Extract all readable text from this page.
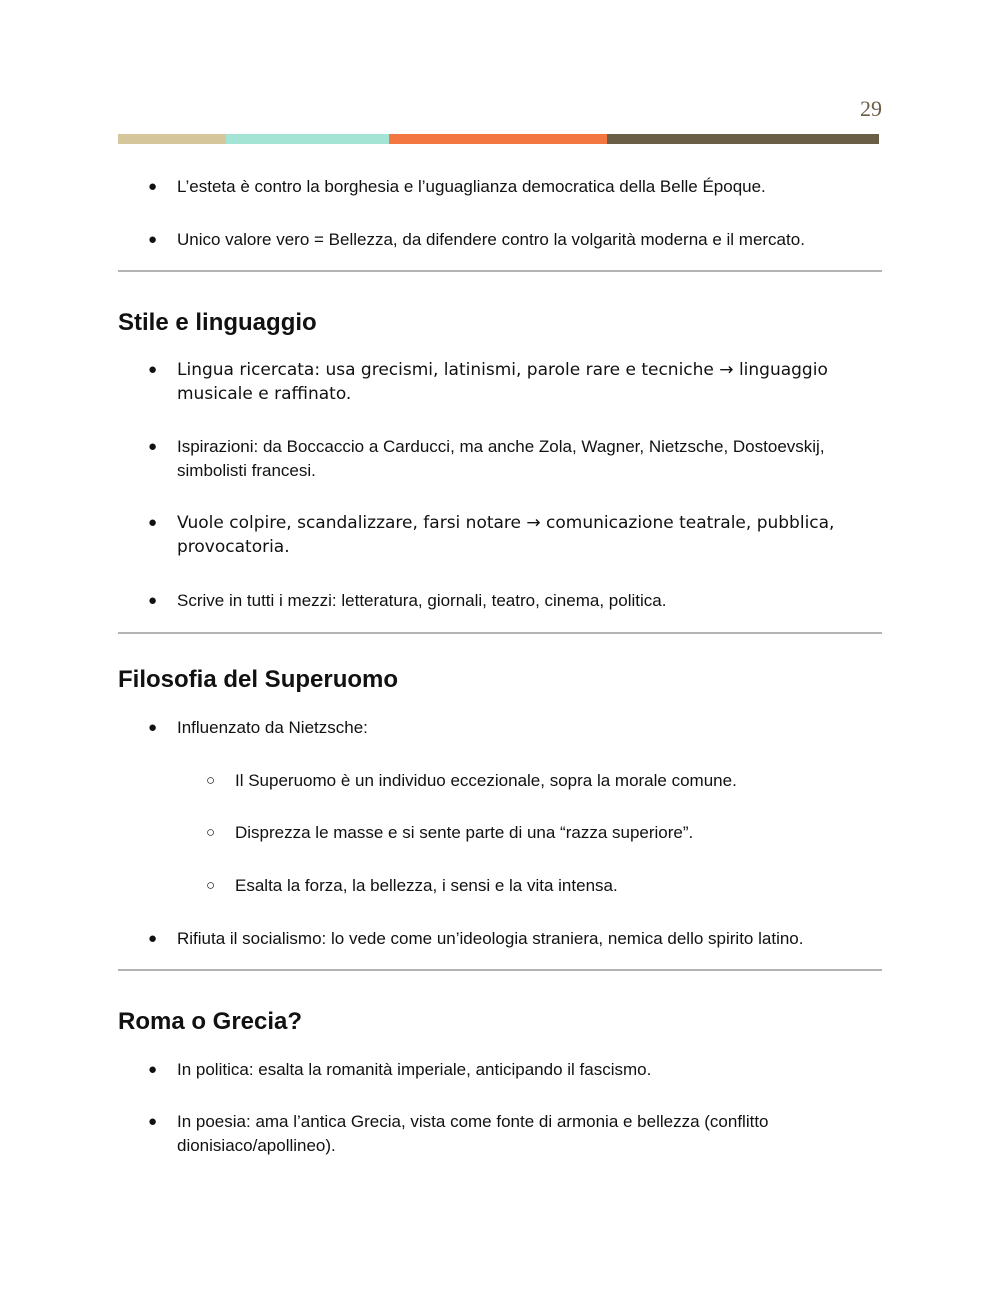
29
● L’esteta è contro la borghesia e l’uguaglianza democratica della Belle Époque.
● Unico valore vero = Bellezza, da difendere contro la volgarità moderna e il mercato.
Stile e linguaggio
● Lingua ricercata: usa grecismi, latinismi, parole rare e tecniche → linguaggio musicale e raffinato.
● Ispirazioni: da Boccaccio a Carducci, ma anche Zola, Wagner, Nietzsche, Dostoevskij, simbolisti francesi.
● Vuole colpire, scandalizzare, farsi notare → comunicazione teatrale, pubblica, provocatoria.
● Scrive in tutti i mezzi: letteratura, giornali, teatro, cinema, politica.
Filosofia del Superuomo
● Influenzato da Nietzsche:
○ Il Superuomo è un individuo eccezionale, sopra la morale comune.
○ Disprezza le masse e si sente parte di una “razza superiore”.
○ Esalta la forza, la bellezza, i sensi e la vita intensa.
● Rifiuta il socialismo: lo vede come un’ideologia straniera, nemica dello spirito latino.
Roma o Grecia?
● In politica: esalta la romanità imperiale, anticipando il fascismo.
● In poesia: ama l’antica Grecia, vista come fonte di armonia e bellezza (conflitto dionisiaco/apollineo).
